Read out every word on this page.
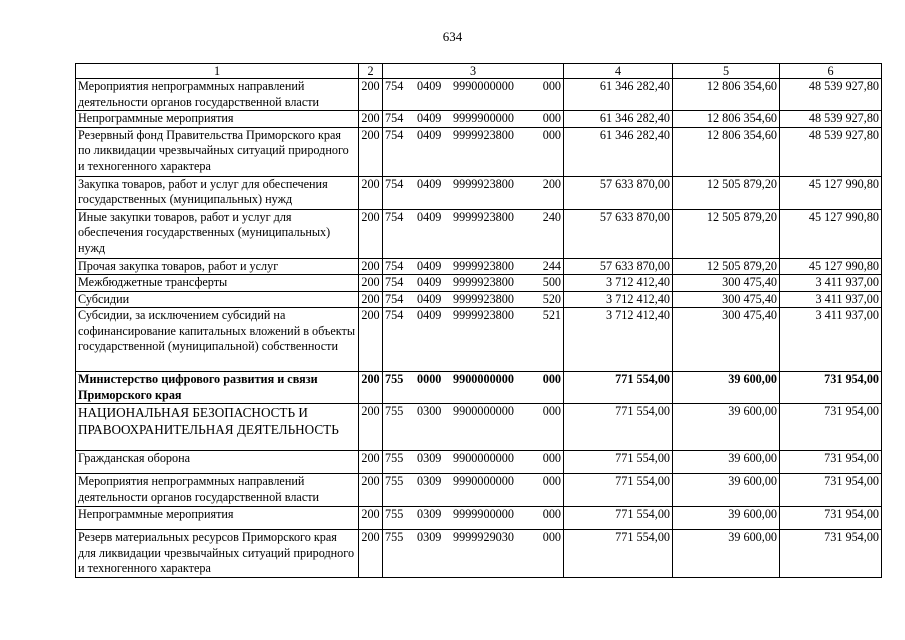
634
1	2	3	4	5	6
Мероприятия непрограммных направлений деятельности органов государственной власти	200	754 0409 9990000000 000	61 346 282,40	12 806 354,60	48 539 927,80
Непрограммные мероприятия	200	754 0409 9999900000 000	61 346 282,40	12 806 354,60	48 539 927,80
Резервный фонд Правительства Приморского края по ликвидации чрезвычайных ситуаций природного и техногенного характера	200	754 0409 9999923800 000	61 346 282,40	12 806 354,60	48 539 927,80
Закупка товаров, работ и услуг для обеспечения государственных (муниципальных) нужд	200	754 0409 9999923800 200	57 633 870,00	12 505 879,20	45 127 990,80
Иные закупки товаров, работ и услуг для обеспечения государственных (муниципальных) нужд	200	754 0409 9999923800 240	57 633 870,00	12 505 879,20	45 127 990,80
Прочая закупка товаров, работ и услуг	200	754 0409 9999923800 244	57 633 870,00	12 505 879,20	45 127 990,80
Межбюджетные трансферты	200	754 0409 9999923800 500	3 712 412,40	300 475,40	3 411 937,00
Субсидии	200	754 0409 9999923800 520	3 712 412,40	300 475,40	3 411 937,00
Субсидии, за исключением субсидий на софинансирование капитальных вложений в объекты государственной (муниципальной) собственности	200	754 0409 9999923800 521	3 712 412,40	300 475,40	3 411 937,00
Министерство цифрового развития и связи Приморского края	200	755 0000 9900000000 000	771 554,00	39 600,00	731 954,00
НАЦИОНАЛЬНАЯ БЕЗОПАСНОСТЬ И ПРАВООХРАНИТЕЛЬНАЯ ДЕЯТЕЛЬНОСТЬ	200	755 0300 9900000000 000	771 554,00	39 600,00	731 954,00
Гражданская оборона	200	755 0309 9900000000 000	771 554,00	39 600,00	731 954,00
Мероприятия непрограммных направлений деятельности органов государственной власти	200	755 0309 9990000000 000	771 554,00	39 600,00	731 954,00
Непрограммные мероприятия	200	755 0309 9999900000 000	771 554,00	39 600,00	731 954,00
Резерв материальных ресурсов Приморского края для ликвидации чрезвычайных ситуаций природного и техногенного характера	200	755 0309 9999929030 000	771 554,00	39 600,00	731 954,00
